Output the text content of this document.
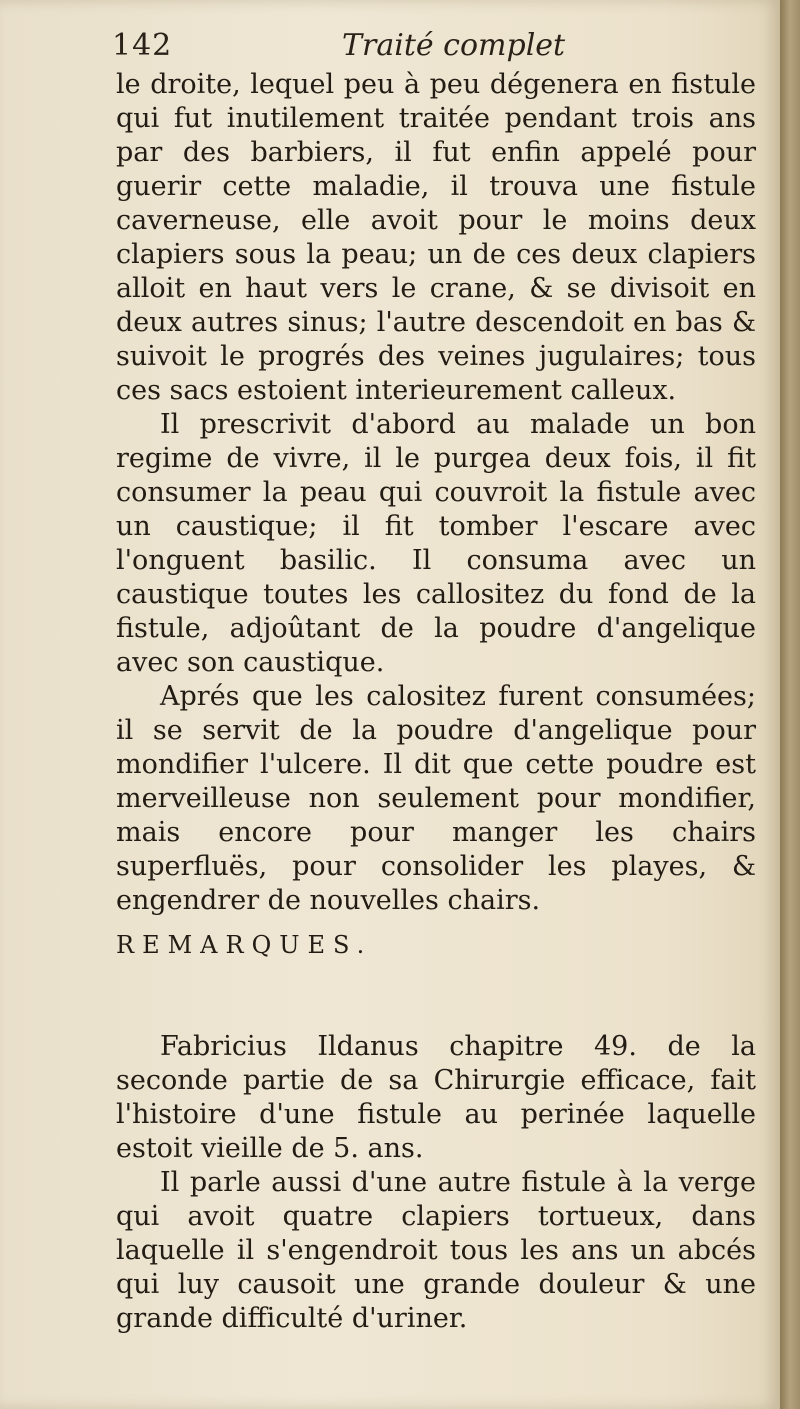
142	Traité complet

le droite, lequel peu à peu dégenera en fistule qui fut inutilement traitée pendant trois ans par des barbiers, il fut enfin appelé pour guerir cette maladie, il trouva une fistule caverneuse, elle avoit pour le moins deux clapiers sous la peau; un de ces deux clapiers alloit en haut vers le crane, & se divisoit en deux autres sinus; l'autre descendoit en bas & suivoit le progrés des veines jugulaires; tous ces sacs estoient interieurement calleux.

Il prescrivit d'abord au malade un bon regime de vivre, il le purgea deux fois, il fit consumer la peau qui couvroit la fistule avec un caustique; il fit tomber l'escare avec l'onguent basilic. Il consuma avec un caustique toutes les callositez du fond de la fistule, adjoûtant de la poudre d'angelique avec son caustique.

Aprés que les calositez furent consumées; il se servit de la poudre d'angelique pour mondifier l'ulcere. Il dit que cette poudre est merveilleuse non seulement pour mondifier, mais encore pour manger les chairs superfluës, pour consolider les playes, & engendrer de nouvelles chairs.

REMARQUES.

Fabricius Ildanus chapitre 49. de la seconde partie de sa Chirurgie efficace, fait l'histoire d'une fistule au perinée laquelle estoit vieille de 5. ans.

Il parle aussi d'une autre fistule à la verge qui avoit quatre clapiers tortueux, dans laquelle il s'engendroit tous les ans un abcés qui luy causoit une grande douleur & une grande difficulté d'uriner.
